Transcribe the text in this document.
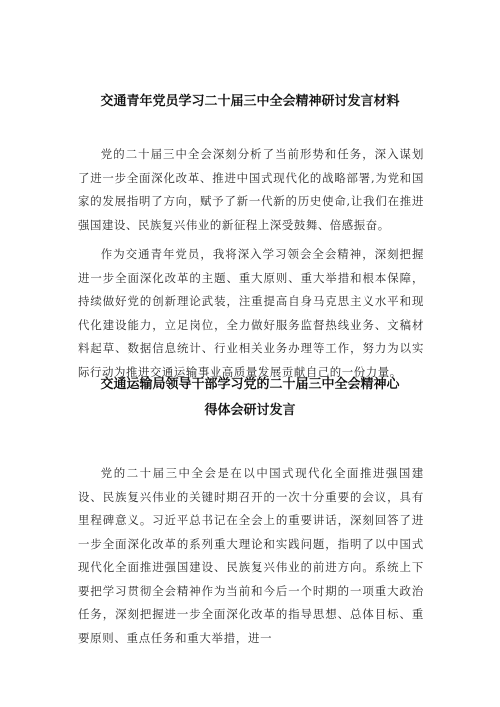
交通青年党员学习二十届三中全会精神研讨发言材料

党的二十届三中全会深刻分析了当前形势和任务，深入谋划了进一步全面深化改革、推进中国式现代化的战略部署,为党和国家的发展指明了方向，赋予了新一代新的历史使命,让我们在推进强国建设、民族复兴伟业的新征程上深受鼓舞、倍感振奋。

作为交通青年党员，我将深入学习领会全会精神，深刻把握进一步全面深化改革的主题、重大原则、重大举措和根本保障，持续做好党的创新理论武装，注重提高自身马克思主义水平和现代化建设能力，立足岗位，全力做好服务监督热线业务、文稿材料起草、数据信息统计、行业相关业务办理等工作，努力为以实际行动为推进交通运输事业高质量发展贡献自己的一份力量。

交通运输局领导干部学习党的二十届三中全会精神心
得体会研讨发言

党的二十届三中全会是在以中国式现代化全面推进强国建设、民族复兴伟业的关键时期召开的一次十分重要的会议，具有里程碑意义。习近平总书记在全会上的重要讲话，深刻回答了进一步全面深化改革的系列重大理论和实践问题，指明了以中国式现代化全面推进强国建设、民族复兴伟业的前进方向。系统上下要把学习贯彻全会精神作为当前和今后一个时期的一项重大政治任务，深刻把握进一步全面深化改革的指导思想、总体目标、重要原则、重点任务和重大举措，进一
